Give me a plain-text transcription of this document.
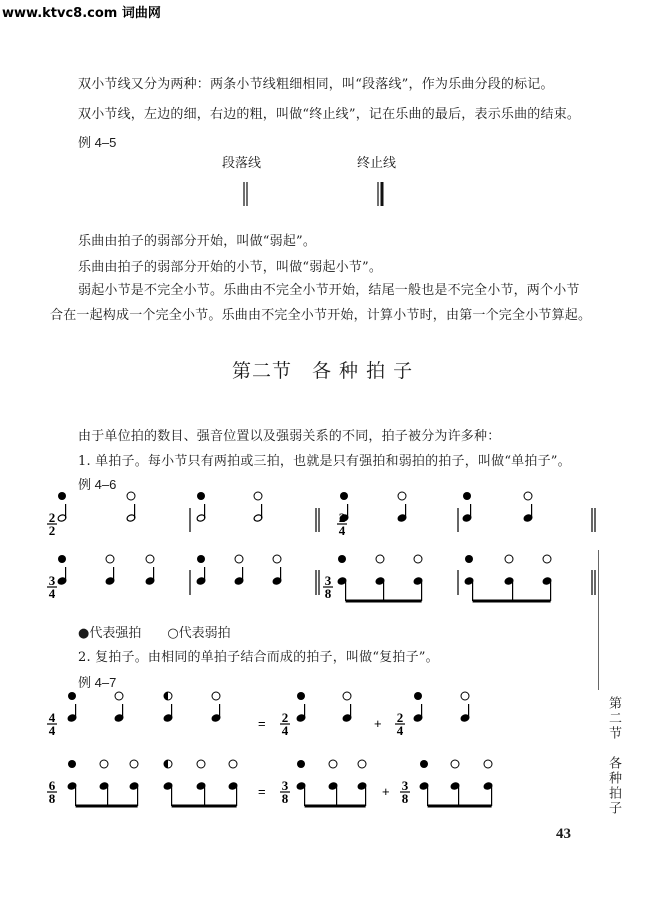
www.ktvc8.com 词曲网
双小节线又分为两种：两条小节线粗细相同，叫“段落线”，作为乐曲分段的标记。
双小节线，左边的细，右边的粗，叫做“终止线”，记在乐曲的最后，表示乐曲的结束。
例 4–5
段落线	终止线
乐曲由拍子的弱部分开始，叫做“弱起”。
乐曲由拍子的弱部分开始的小节，叫做“弱起小节”。
弱起小节是不完全小节。乐曲由不完全小节开始，结尾一般也是不完全小节，两个小节
合在一起构成一个完全小节。乐曲由不完全小节开始，计算小节时，由第一个完全小节算起。
第二节　各 种 拍 子
由于单位拍的数目、强音位置以及强弱关系的不同，拍子被分为许多种：
1. 单拍子。每小节只有两拍或三拍，也就是只有强拍和弱拍的拍子，叫做“单拍子”。
例 4–6
●代表强拍　　○代表弱拍
2. 复拍子。由相同的单拍子结合而成的拍子，叫做“复拍子”。
例 4–7
第二节　各种拍子
43
2
2	4
3
4
3
8
4
4
2
4
2
4
6
8
3
8
3
8
=	+
=	+
